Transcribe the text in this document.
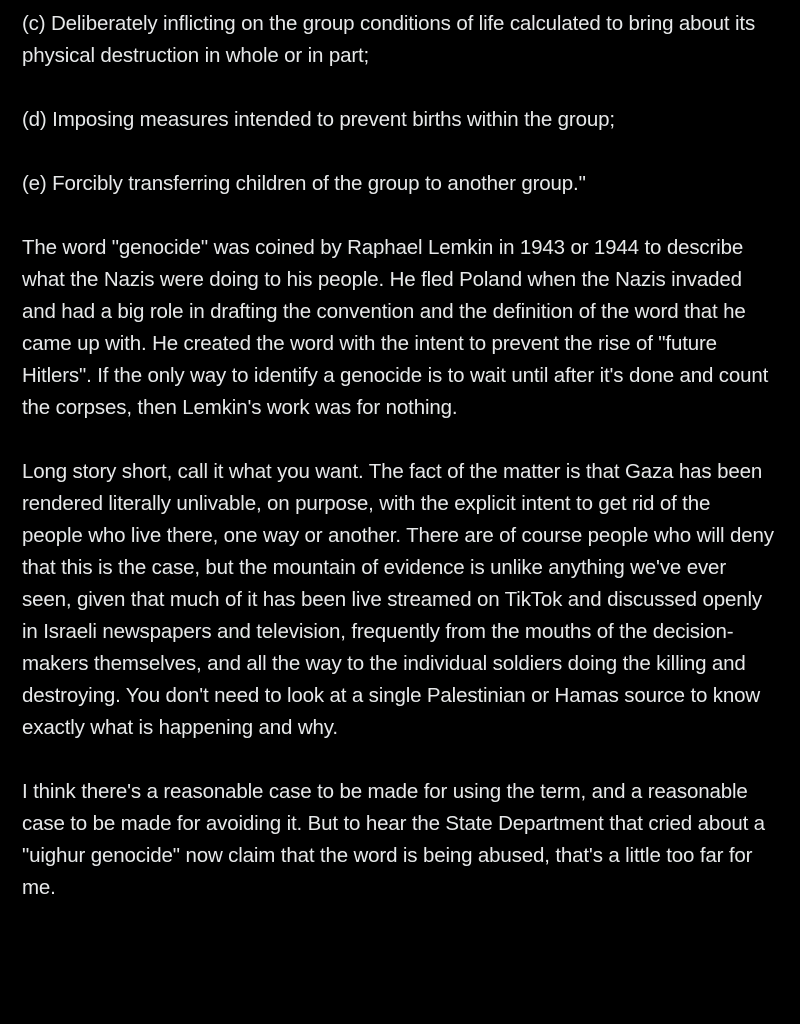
(c) Deliberately inflicting on the group conditions of life calculated to bring about its physical destruction in whole or in part;

(d) Imposing measures intended to prevent births within the group;

(e) Forcibly transferring children of the group to another group."

The word "genocide" was coined by Raphael Lemkin in 1943 or 1944 to describe what the Nazis were doing to his people. He fled Poland when the Nazis invaded and had a big role in drafting the convention and the definition of the word that he came up with. He created the word with the intent to prevent the rise of "future Hitlers". If the only way to identify a genocide is to wait until after it's done and count the corpses, then Lemkin's work was for nothing.

Long story short, call it what you want. The fact of the matter is that Gaza has been rendered literally unlivable, on purpose, with the explicit intent to get rid of the people who live there, one way or another. There are of course people who will deny that this is the case, but the mountain of evidence is unlike anything we've ever seen, given that much of it has been live streamed on TikTok and discussed openly in Israeli newspapers and television, frequently from the mouths of the decision-makers themselves, and all the way to the individual soldiers doing the killing and destroying. You don't need to look at a single Palestinian or Hamas source to know exactly what is happening and why.

I think there's a reasonable case to be made for using the term, and a reasonable case to be made for avoiding it. But to hear the State Department that cried about a "uighur genocide" now claim that the word is being abused, that's a little too far for me.
